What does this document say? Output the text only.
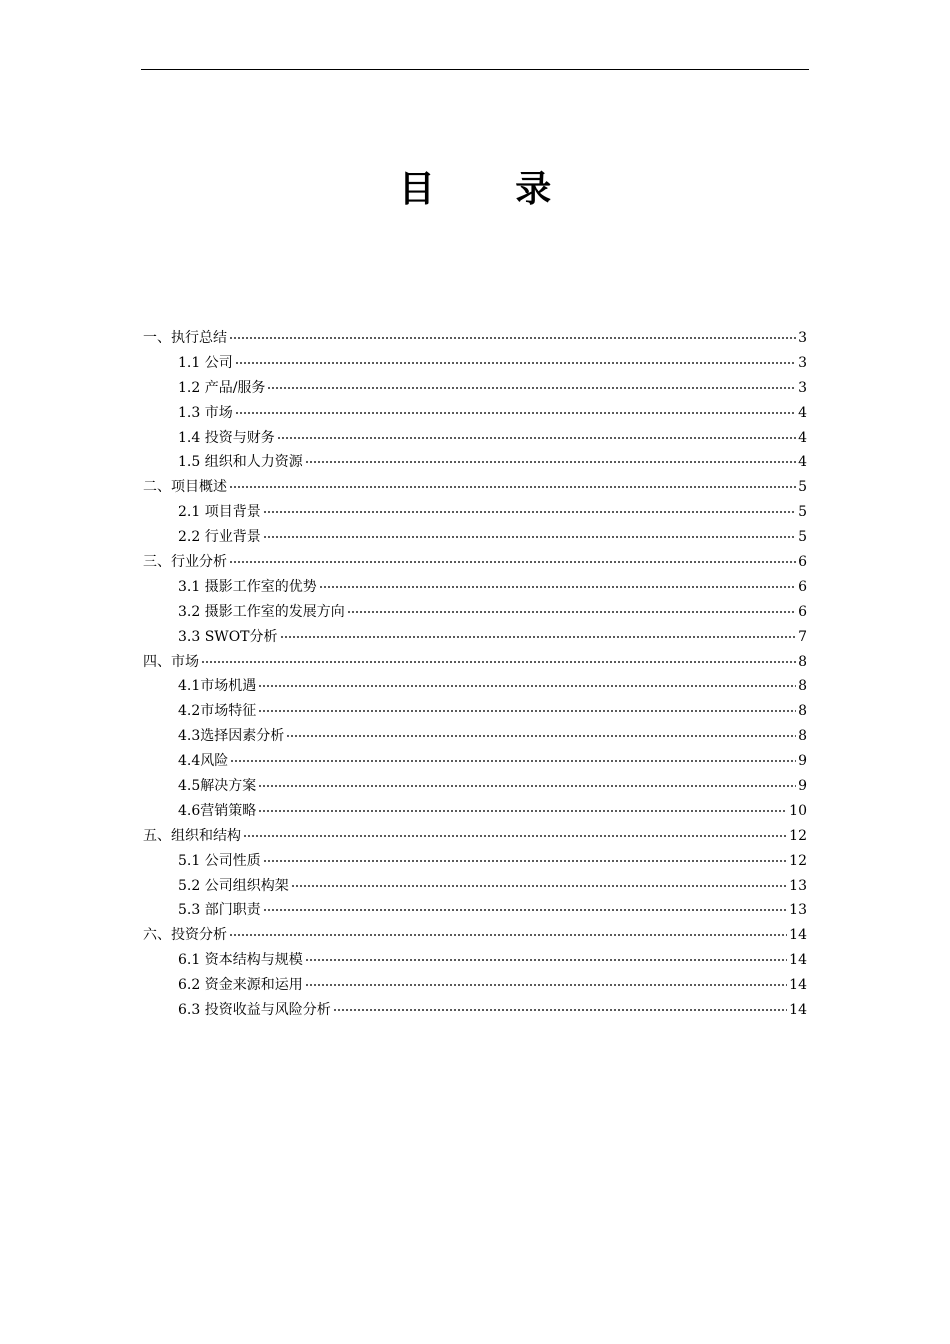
目 录
一、执行总结	3
1.1 公司	3
1.2 产品/服务	3
1.3 市场	4
1.4 投资与财务	4
1.5 组织和人力资源	4
二、项目概述	5
2.1 项目背景	5
2.2 行业背景	5
三、行业分析	6
3.1 摄影工作室的优势	6
3.2 摄影工作室的发展方向	6
3.3 SWOT分析	7
四、市场	8
4.1市场机遇	8
4.2市场特征	8
4.3选择因素分析	8
4.4风险	9
4.5解决方案	9
4.6营销策略	10
五、组织和结构	12
5.1 公司性质	12
5.2 公司组织构架	13
5.3 部门职责	13
六、投资分析	14
6.1 资本结构与规模	14
6.2 资金来源和运用	14
6.3 投资收益与风险分析	14
